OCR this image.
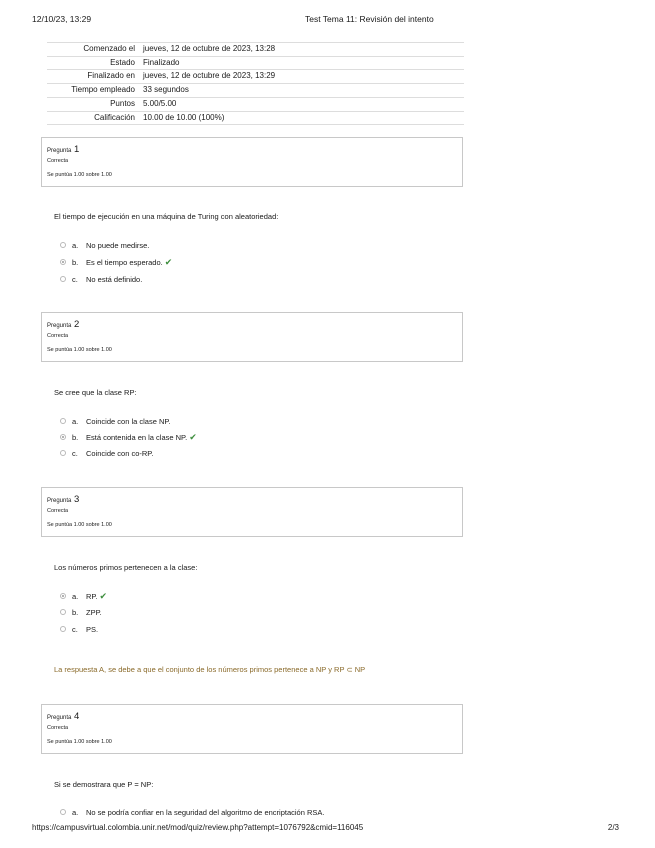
12/10/23, 13:29	Test Tema 11: Revisión del intento
Comenzado el	jueves, 12 de octubre de 2023, 13:28
Estado	Finalizado
Finalizado en	jueves, 12 de octubre de 2023, 13:29
Tiempo empleado	33 segundos
Puntos	5.00/5.00
Calificación	10.00 de 10.00 (100%)
Pregunta 1
Correcta
Se puntúa 1.00 sobre 1.00
El tiempo de ejecución en una máquina de Turing con aleatoriedad:
a.	No puede medirse.
b.	Es el tiempo esperado. ✔
c.	No está definido.
Pregunta 2
Correcta
Se puntúa 1.00 sobre 1.00
Se cree que la clase RP:
a.	Coincide con la clase NP.
b.	Está contenida en la clase NP. ✔
c.	Coincide con co-RP.
Pregunta 3
Correcta
Se puntúa 1.00 sobre 1.00
Los números primos pertenecen a la clase:
a.	RP. ✔
b.	ZPP.
c.	PS.
La respuesta A, se debe a que el conjunto de los números primos pertenece a NP y RP ⊂ NP
Pregunta 4
Correcta
Se puntúa 1.00 sobre 1.00
Si se demostrara que P = NP:
a.	No se podría confiar en la seguridad del algoritmo de encriptación RSA.
https://campusvirtual.colombia.unir.net/mod/quiz/review.php?attempt=1076792&cmid=116045	2/3
